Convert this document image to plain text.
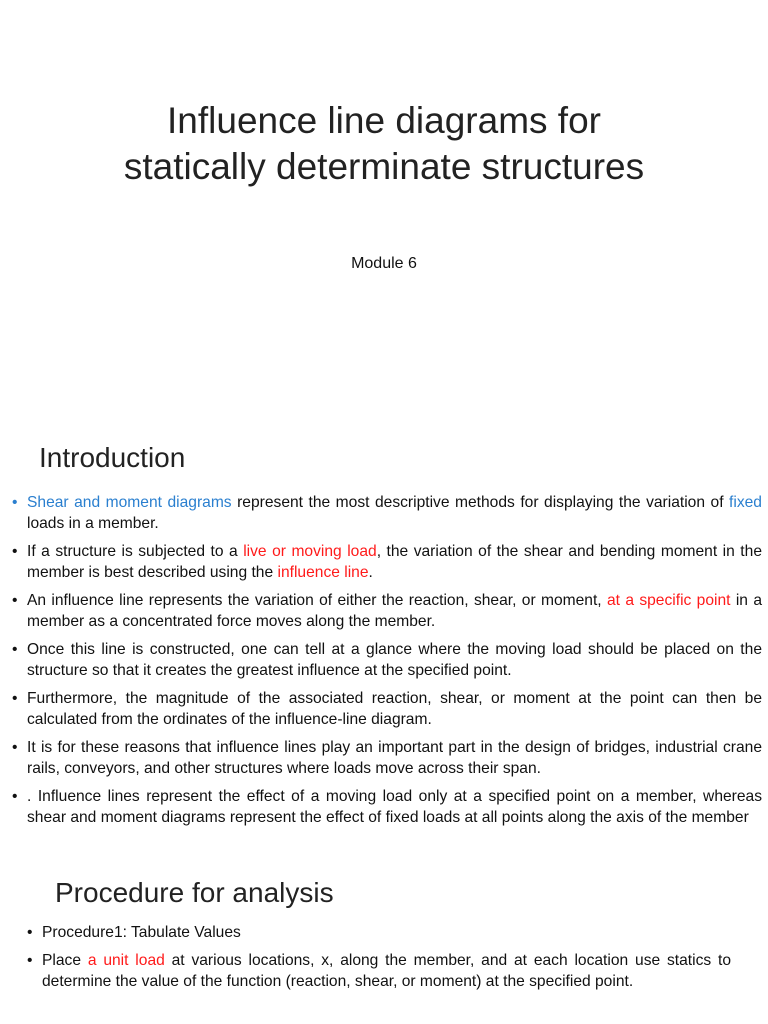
Influence line diagrams for
statically determinate structures
Module 6
Introduction
• Shear and moment diagrams represent the most descriptive methods for displaying the variation of fixed loads in a member.
• If a structure is subjected to a live or moving load, the variation of the shear and bending moment in the member is best described using the influence line.
• An influence line represents the variation of either the reaction, shear, or moment, at a specific point in a member as a concentrated force moves along the member.
• Once this line is constructed, one can tell at a glance where the moving load should be placed on the structure so that it creates the greatest influence at the specified point.
• Furthermore, the magnitude of the associated reaction, shear, or moment at the point can then be calculated from the ordinates of the influence-line diagram.
• It is for these reasons that influence lines play an important part in the design of bridges, industrial crane rails, conveyors, and other structures where loads move across their span.
• . Influence lines represent the effect of a moving load only at a specified point on a member, whereas shear and moment diagrams represent the effect of fixed loads at all points along the axis of the member
Procedure for analysis
• Procedure1: Tabulate Values
• Place a unit load at various locations, x, along the member, and at each location use statics to determine the value of the function (reaction, shear, or moment) at the specified point.
